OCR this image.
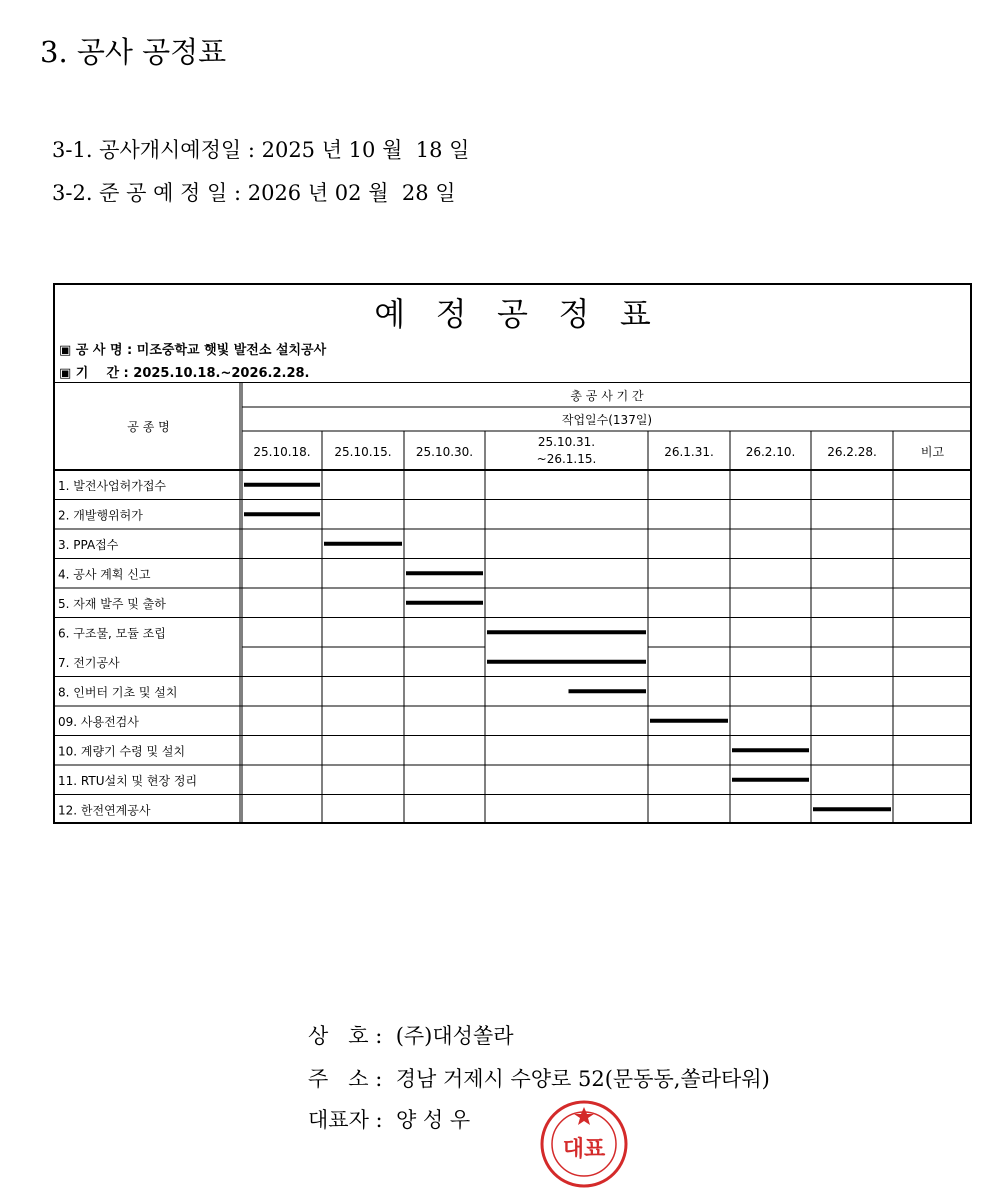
3. 공사 공정표
3-1. 공사개시예정일 : 2025 년 10 월  18 일
3-2. 준 공 예 정 일 : 2026 년 02 월  28 일
예   정   공   정   표
▣ 공 사 명 : 미조중학교 햇빛 발전소 설치공사
▣ 기    간 : 2025.10.18.~2026.2.28.
공 종 명
총 공 사 기 간
작업일수(137일)
25.10.18. 25.10.15. 25.10.30.
25.10.31.
~26.1.15.	26.1.31.	26.2.10.	26.2.28.	비고
1. 발전사업허가접수
2. 개발행위허가
3. PPA접수
4. 공사 계획 신고
5. 자재 발주 및 출하
6. 구조물, 모듈 조립
7. 전기공사
8. 인버터 기초 및 설치
09. 사용전검사
10. 계량기 수령 및 설치
11. RTU설치 및 현장 정리
12. 한전연계공사
상   호 :  (주)대성쏠라
주   소 :  경남 거제시 수양로 52(문동동,쏠라타워)
대표자 :  양 성 우
대표
